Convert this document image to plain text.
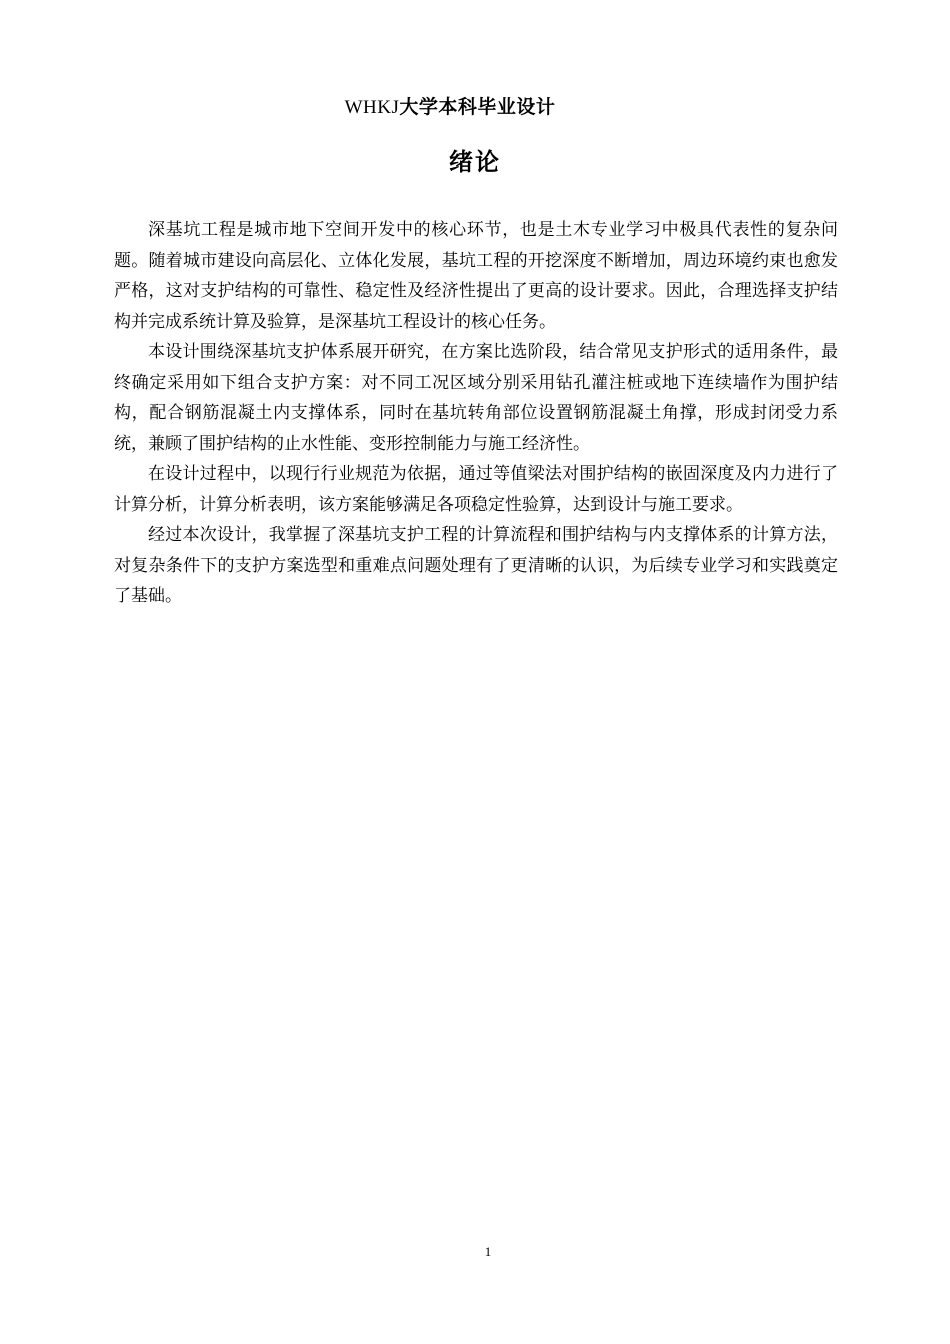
WHKJ大学本科毕业设计
绪论

深基坑工程是城市地下空间开发中的核心环节，也是土木专业学习中极具代表性的复杂问题。随着城市建设向高层化、立体化发展，基坑工程的开挖深度不断增加，周边环境约束也愈发严格，这对支护结构的可靠性、稳定性及经济性提出了更高的设计要求。因此，合理选择支护结构并完成系统计算及验算，是深基坑工程设计的核心任务。

本设计围绕深基坑支护体系展开研究，在方案比选阶段，结合常见支护形式的适用条件，最终确定采用如下组合支护方案：对不同工况区域分别采用钻孔灌注桩或地下连续墙作为围护结构，配合钢筋混凝土内支撑体系，同时在基坑转角部位设置钢筋混凝土角撑，形成封闭受力系统，兼顾了围护结构的止水性能、变形控制能力与施工经济性。

在设计过程中，以现行行业规范为依据，通过等值梁法对围护结构的嵌固深度及内力进行了计算分析，计算分析表明，该方案能够满足各项稳定性验算，达到设计与施工要求。

经过本次设计，我掌握了深基坑支护工程的计算流程和围护结构与内支撑体系的计算方法，对复杂条件下的支护方案选型和重难点问题处理有了更清晰的认识，为后续专业学习和实践奠定了基础。

1
